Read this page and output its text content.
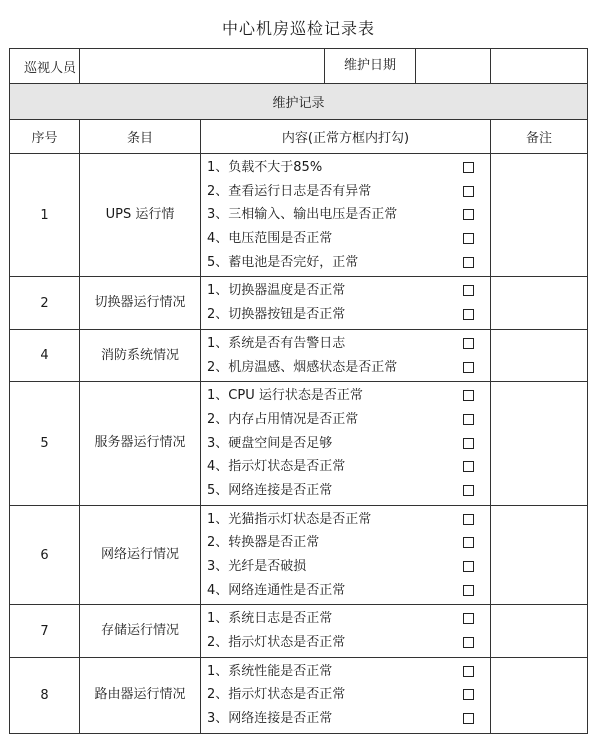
中心机房巡检记录表
巡视人员	维护日期		

维护记录			
序号	条目	内容(正常方框内打勾)	备注
1	UPS 运行情	1、负载不大于85%
2、查看运行日志是否有异常
3、三相输入、输出电压是否正常
4、电压范围是否正常
5、蓄电池是否完好，正常	

2	切换器运行情况	1、切换器温度是否正常
2、切换器按钮是否正常	

4	消防系统情况	1、系统是否有告警日志
2、机房温感、烟感状态是否正常	

5	服务器运行情况	1、CPU 运行状态是否正常
2、内存占用情况是否正常
3、硬盘空间是否足够
4、指示灯状态是否正常
5、网络连接是否正常	

6	网络运行情况	1、光猫指示灯状态是否正常
2、转换器是否正常
3、光纤是否破损
4、网络连通性是否正常	

7	存储运行情况	1、系统日志是否正常
2、指示灯状态是否正常	

8	路由器运行情况	1、系统性能是否正常
2、指示灯状态是否正常
3、网络连接是否正常	
